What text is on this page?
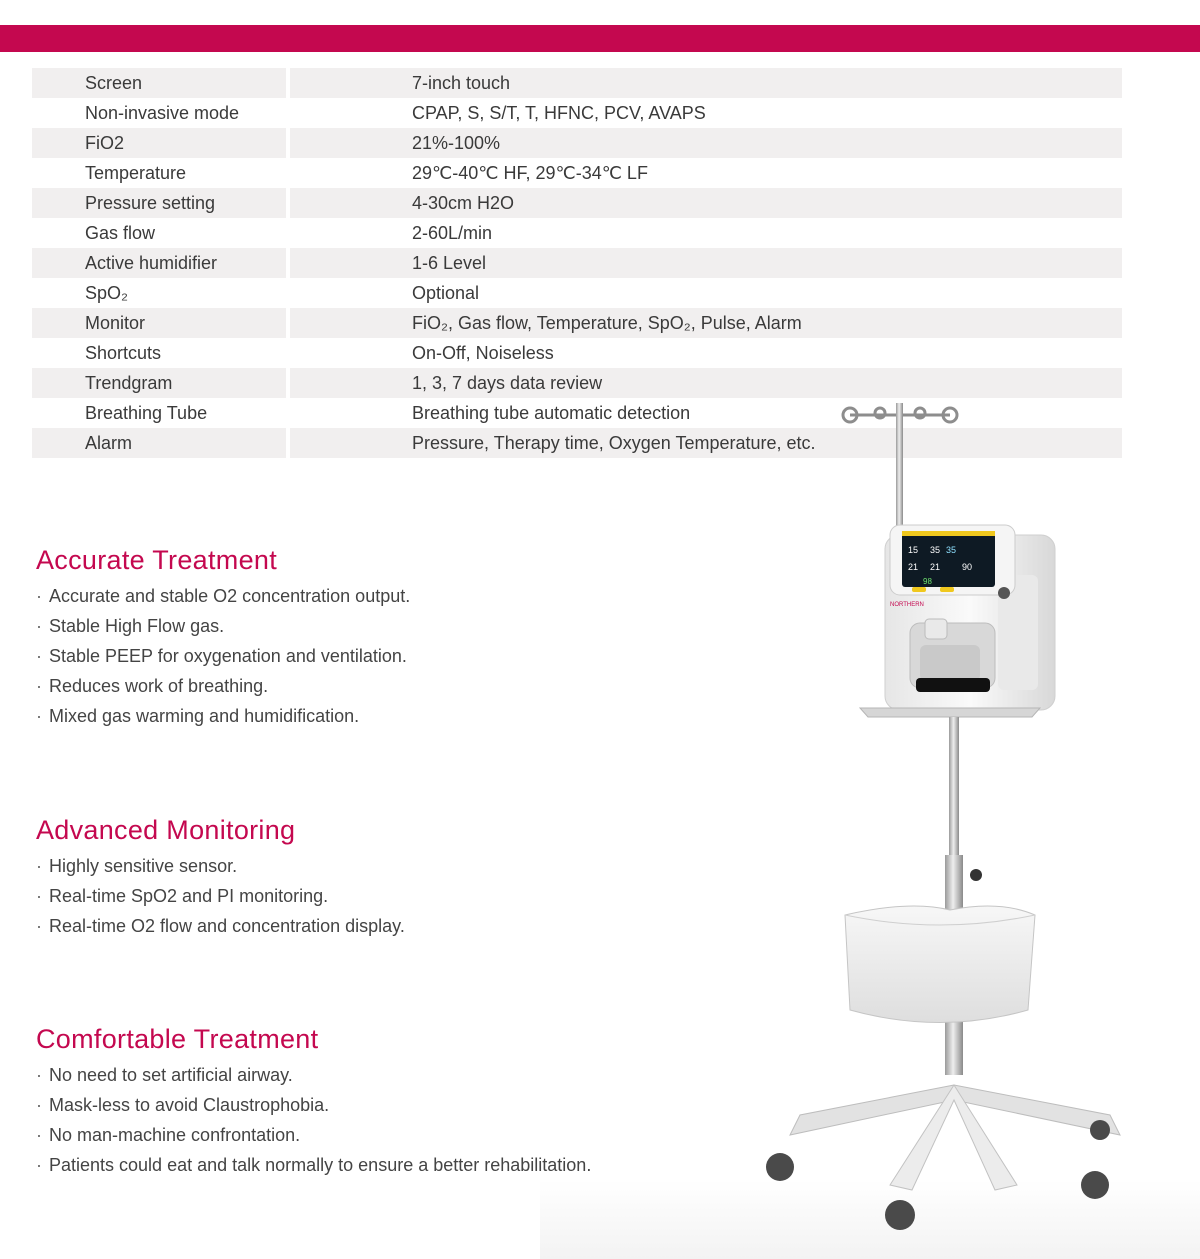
Screen	7-inch touch
Non-invasive mode	CPAP, S, S/T, T, HFNC, PCV, AVAPS
FiO2	21%-100%
Temperature	29℃-40℃ HF, 29℃-34℃ LF
Pressure setting	4-30cm H2O
Gas flow	2-60L/min
Active humidifier	1-6 Level
SpO₂	Optional
Monitor	FiO₂, Gas flow, Temperature, SpO₂, Pulse, Alarm
Shortcuts	On-Off, Noiseless
Trendgram	1, 3, 7 days data review
Breathing Tube	Breathing tube automatic detection
Alarm	Pressure, Therapy time, Oxygen Temperature, etc.
Accurate Treatment
· Accurate and stable O2 concentration output.
· Stable High Flow gas.
· Stable PEEP for oxygenation and ventilation.
· Reduces work of breathing.
· Mixed gas warming and humidification.
Advanced Monitoring
· Highly sensitive sensor.
· Real-time SpO2 and PI monitoring.
· Real-time O2 flow and concentration display.
Comfortable Treatment
· No need to set artificial airway.
· Mask-less to avoid Claustrophobia.
· No man-machine confrontation.
· Patients could eat and talk normally to ensure a better rehabilitation.
15 35 35
21 21 90
98
NORTHERN
